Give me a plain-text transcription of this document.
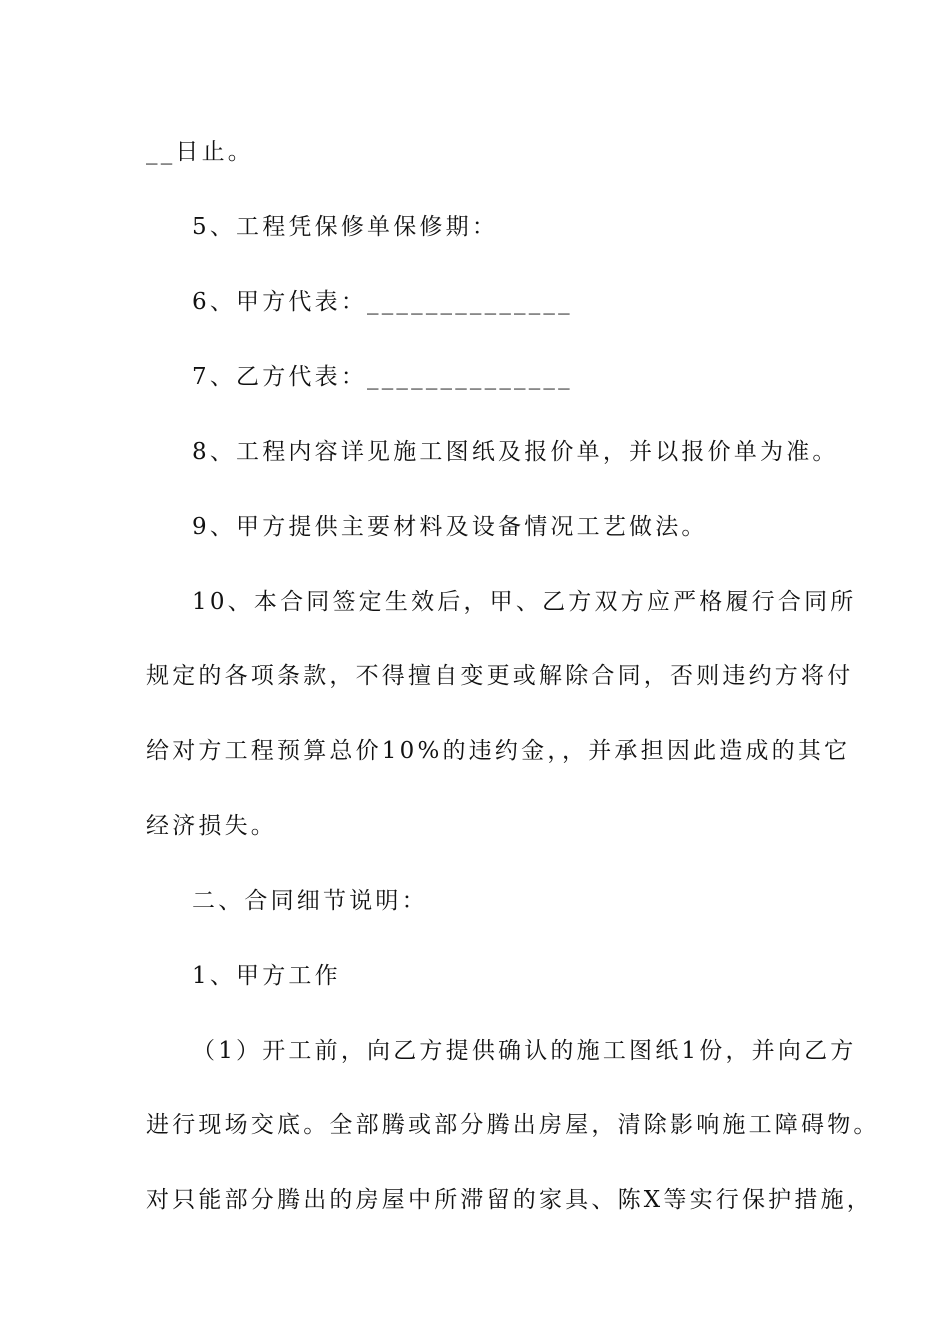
__日止。
5、工程凭保修单保修期：
6、甲方代表：______________
7、乙方代表：______________
8、工程内容详见施工图纸及报价单，并以报价单为准。
9、甲方提供主要材料及设备情况工艺做法。
10、本合同签定生效后，甲、乙方双方应严格履行合同所
规定的各项条款，不得擅自变更或解除合同，否则违约方将付
给对方工程预算总价10%的违约金，，并承担因此造成的其它
经济损失。
二、合同细节说明：
1、甲方工作
（1）开工前，向乙方提供确认的施工图纸1份，并向乙方
进行现场交底。全部腾或部分腾出房屋，清除影响施工障碍物。
对只能部分腾出的房屋中所滞留的家具、陈X等实行保护措施，
